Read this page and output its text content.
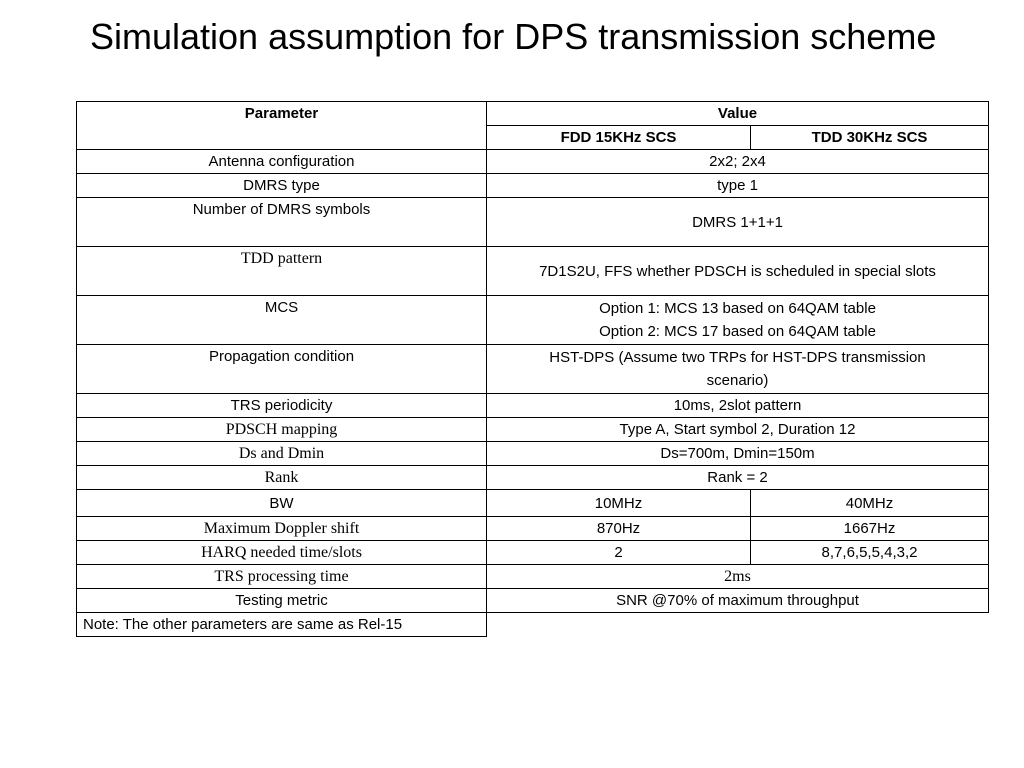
Simulation assumption for DPS transmission scheme
Parameter	Value	
	FDD 15KHz SCS	TDD 30KHz SCS
Antenna configuration	2x2; 2x4	
DMRS type	type 1	
Number of DMRS symbols	DMRS 1+1+1	
TDD pattern	7D1S2U, FFS whether PDSCH is scheduled in special slots	
MCS	Option 1: MCS 13 based on 64QAM table
Option 2: MCS 17 based on 64QAM table	

Propagation condition	HST-DPS (Assume two TRPs for HST-DPS transmission scenario)	
TRS periodicity	10ms, 2slot pattern	
PDSCH mapping	Type A, Start symbol 2, Duration 12	
Ds and Dmin	Ds=700m, Dmin=150m	
Rank	Rank = 2	
BW	10MHz	40MHz
Maximum Doppler shift	870Hz	1667Hz
HARQ needed time/slots	2	8,7,6,5,5,4,3,2
TRS processing time	2ms	
Testing metric	SNR @70% of maximum throughput	
Note: The other parameters are same as Rel-15		
